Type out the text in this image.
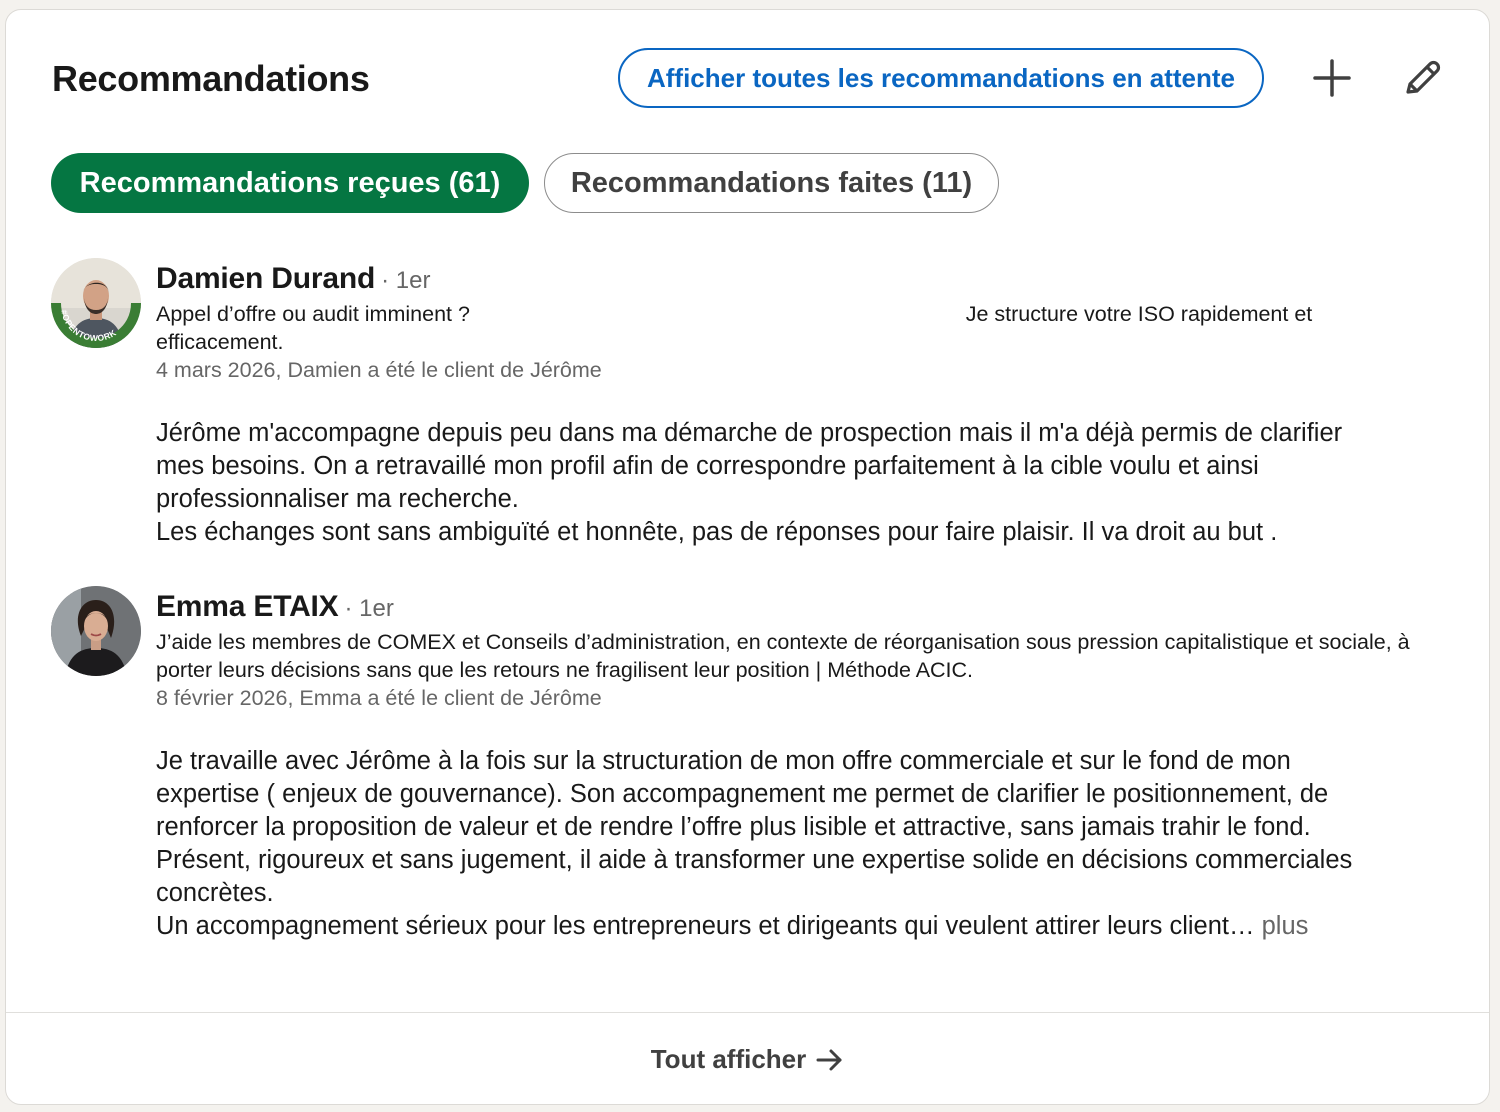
Recommandations	Afficher toutes les recommandations en attente
Recommandations reçues (61)	Recommandations faites (11)
#OPENTOWORK
Damien Durand · 1er
Appel d’offre ou audit imminent ?                                                                                   Je structure votre ISO rapidement et efficacement.
4 mars 2026, Damien a été le client de Jérôme
Jérôme m'accompagne depuis peu dans ma démarche de prospection mais il m'a déjà permis de clarifier mes besoins. On a retravaillé mon profil afin de correspondre parfaitement à la cible voulu et ainsi professionnaliser ma recherche.
Les échanges sont sans ambiguïté et honnête, pas de réponses pour faire plaisir. Il va droit au but .
Emma ETAIX · 1er
J’aide les membres de COMEX et Conseils d’administration, en contexte de réorganisation sous pression capitalistique et sociale, à porter leurs décisions sans que les retours ne fragilisent leur position | Méthode ACIC.
8 février 2026, Emma a été le client de Jérôme
Je travaille avec Jérôme à la fois sur la structuration de mon offre commerciale et sur le fond de mon expertise ( enjeux de gouvernance). Son accompagnement me permet de clarifier le positionnement, de renforcer la proposition de valeur et de rendre l’offre plus lisible et attractive, sans jamais trahir le fond.
Présent, rigoureux et sans jugement, il aide à transformer une expertise solide en décisions commerciales concrètes.
Un accompagnement sérieux pour les entrepreneurs et dirigeants qui veulent attirer leurs client… plus
Tout afficher
